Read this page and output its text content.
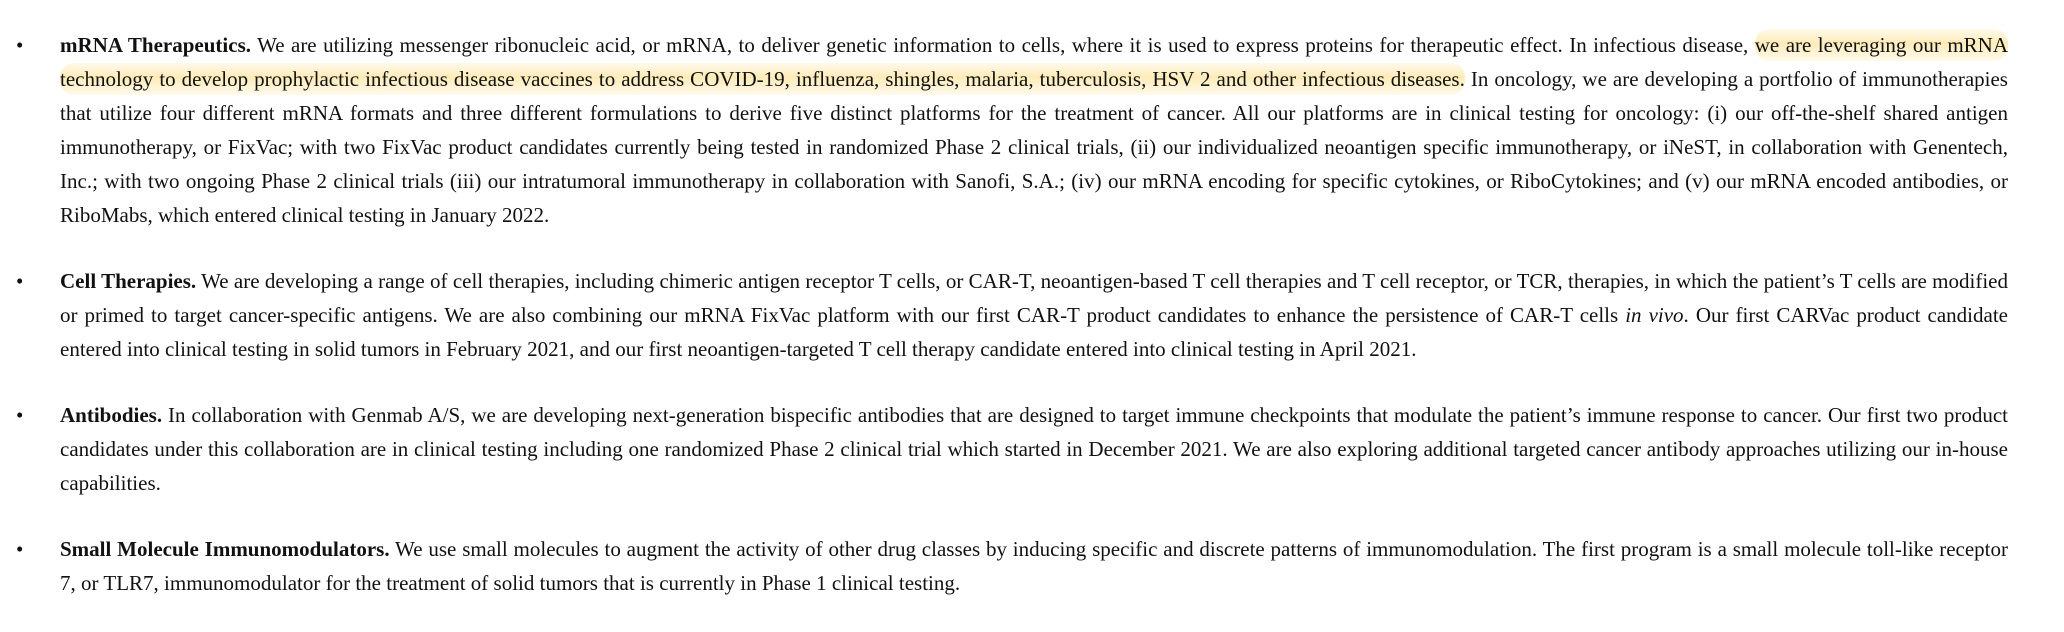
• mRNA Therapeutics. We are utilizing messenger ribonucleic acid, or mRNA, to deliver genetic information to cells, where it is used to express proteins for therapeutic effect. In infectious disease, we are leveraging our mRNA technology to develop prophylactic infectious disease vaccines to address COVID-19, influenza, shingles, malaria, tuberculosis, HSV 2 and other infectious diseases. In oncology, we are developing a portfolio of immunotherapies that utilize four different mRNA formats and three different formulations to derive five distinct platforms for the treatment of cancer. All our platforms are in clinical testing for oncology: (i) our off-the-shelf shared antigen immunotherapy, or FixVac; with two FixVac product candidates currently being tested in randomized Phase 2 clinical trials, (ii) our individualized neoantigen specific immunotherapy, or iNeST, in collaboration with Genentech, Inc.; with two ongoing Phase 2 clinical trials (iii) our intratumoral immunotherapy in collaboration with Sanofi, S.A.; (iv) our mRNA encoding for specific cytokines, or RiboCytokines; and (v) our mRNA encoded antibodies, or RiboMabs, which entered clinical testing in January 2022.
• Cell Therapies. We are developing a range of cell therapies, including chimeric antigen receptor T cells, or CAR-T, neoantigen-based T cell therapies and T cell receptor, or TCR, therapies, in which the patient’s T cells are modified or primed to target cancer-specific antigens. We are also combining our mRNA FixVac platform with our first CAR-T product candidates to enhance the persistence of CAR-T cells in vivo. Our first CARVac product candidate entered into clinical testing in solid tumors in February 2021, and our first neoantigen-targeted T cell therapy candidate entered into clinical testing in April 2021.
• Antibodies. In collaboration with Genmab A/S, we are developing next-generation bispecific antibodies that are designed to target immune checkpoints that modulate the patient’s immune response to cancer. Our first two product candidates under this collaboration are in clinical testing including one randomized Phase 2 clinical trial which started in December 2021. We are also exploring additional targeted cancer antibody approaches utilizing our in-house capabilities.
• Small Molecule Immunomodulators. We use small molecules to augment the activity of other drug classes by inducing specific and discrete patterns of immunomodulation. The first program is a small molecule toll-like receptor 7, or TLR7, immunomodulator for the treatment of solid tumors that is currently in Phase 1 clinical testing.
